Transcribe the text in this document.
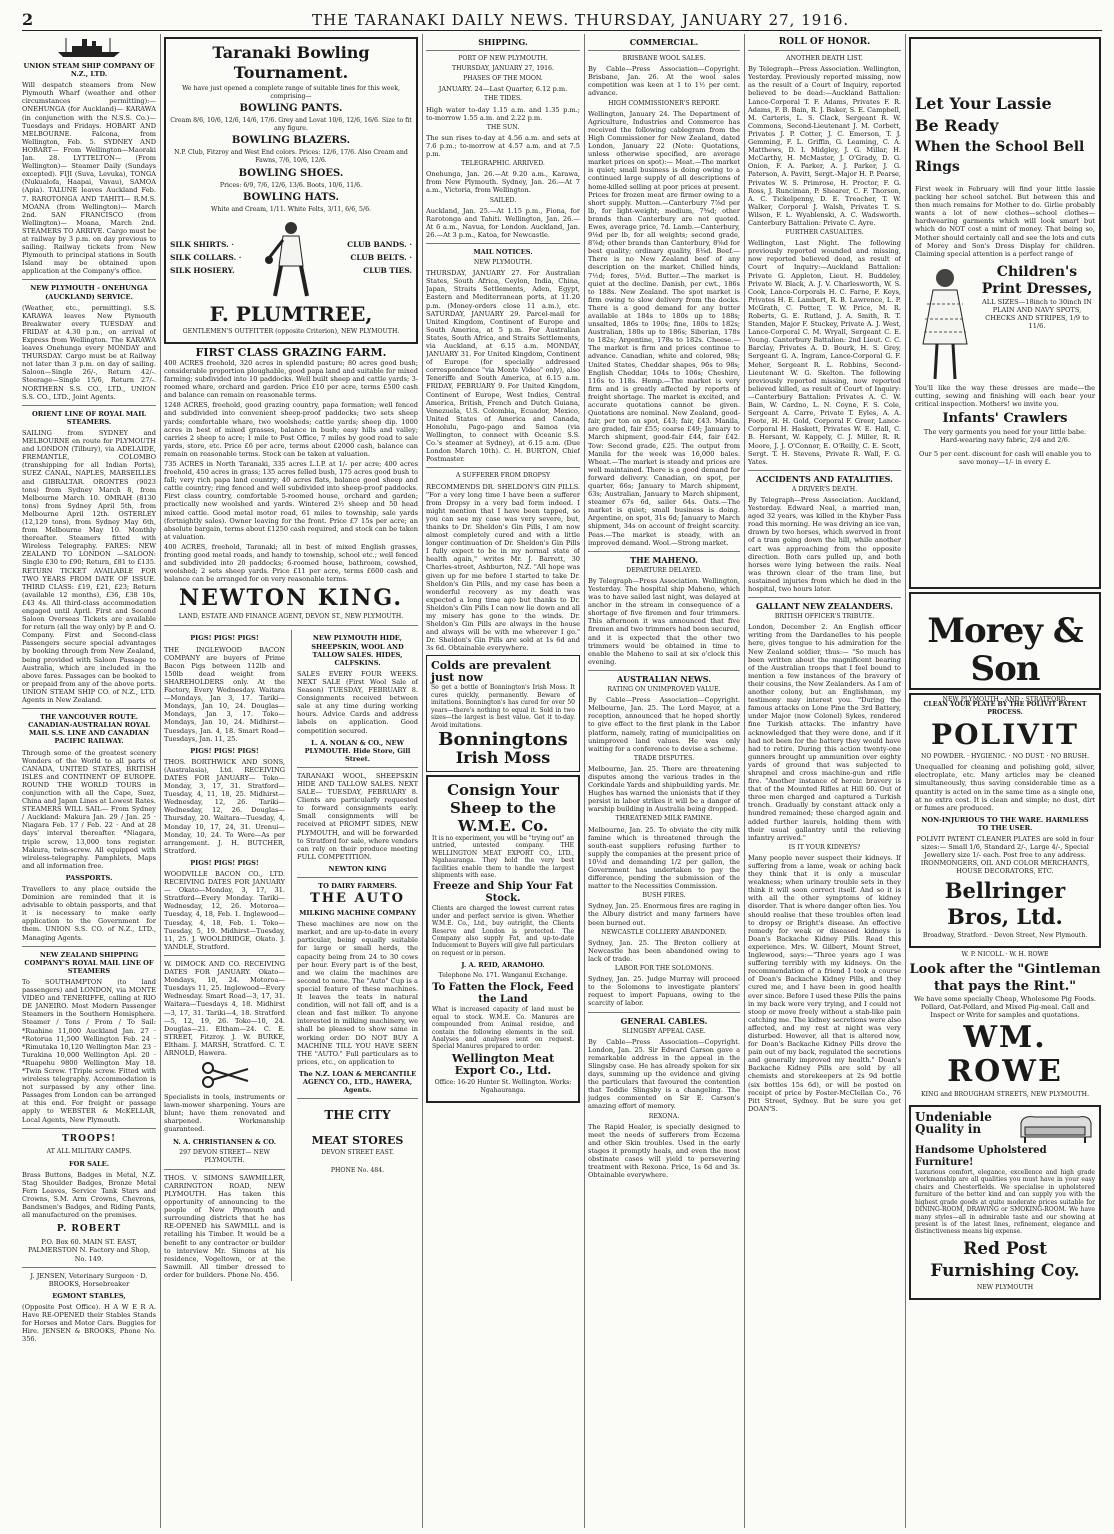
2	THE TARANAKI DAILY NEWS. THURSDAY, JANUARY 27, 1916.
UNION STEAM SHIP COMPANY OF N.Z., LTD.

Will despatch steamers from New Plymouth Wharf (weather and other circumstances permitting):— ONEHUNGA (for Auckland)— KARAWA (in conjunction with the N.S.S. Co.)—Tuesdays and Fridays. HOBART AND MELBOURNE. Falcona, from Wellington, Feb. 5. SYDNEY AND HOBART— From Wellington—Maoraki Jan. 28. LYTTELTON— (From Wellington)— Steamer Daily (Sundays excepted). FIJI (Suva, Levuka), TONGA (Nukualofa, Haapai, Vavau), SAMOA (Apia). TALUNE leaves Auckland Feb. 7. RAROTONGA AND TAHITI— R.M.S. MOANA (from Wellington)— March 2nd. SAN FRANCISCO (from Wellington)— Moana, March 2nd. STEAMERS TO ARRIVE. Cargo must be at railway by 3 p.m. on day previous to sailing. Railway tickets from New Plymouth to principal stations in South Island may be obtained upon application at the Company's office.

NEW PLYMOUTH - ONEHUNGA (AUCKLAND) SERVICE.

(Weather, etc., permitting). S.S. KARAWA leaves New Plymouth Breakwater every TUESDAY and FRIDAY at 4.30 p.m., on arrival of Express from Wellington. The KARAWA leaves Onehunga every MONDAY and THURSDAY. Cargo must be at Railway not later than 3 p.m. on day of sailing. Saloon—Single 26/-, Return 42/-. Steerage—Single 15/6, Return 27/-. NORTHERN S.S. CO., LTD., UNION S.S. CO., LTD., Joint Agents.

ORIENT LINE OF ROYAL MAIL STEAMERS.

SAILING from SYDNEY and MELBOURNE en route for PLYMOUTH and LONDON (Tilbury), via ADELAIDE, FREMANTLE, COLOMBO (transhipping for all Indian Ports), SUEZ CANAL, NAPLES, MARSEILLES and GIBRALTAR. ORONTES (9023 tons) from Sydney March 8, from Melbourne March 10. OMRAH (8130 tons) from Sydney April 5th, from Melbourne April 12th. OSTERLEY (12,129 tons), from Sydney May 6th, from Melbourne May 10. Monthly thereafter. Steamers fitted with Wireless Telegraphy. FARES: NEW ZEALAND TO LONDON —SALOON: Single £30 to £90; Return, £81 to £135. RETURN TICKET AVAILABLE FOR TWO YEARS FROM DATE OF ISSUE. THIRD CLASS: £19, £21, £23; Return (available 12 months), £36, £38 10s, £43 4s. All third-class accommodation engaged until April. First and Second Saloon Overseas Tickets are available for return (all the way only) by P. and O. Company. First and Second-class Passengers secure special advantages by booking through from New Zealand, being provided with Saloon Passage to Australia, which are included in the above fares. Passages can be booked to or prepaid from any of the above ports. UNION STEAM SHIP CO. of N.Z., LTD. Agents in New Zealand.

THE VANCOUVER ROUTE. CANADIAN-AUSTRALIAN ROYAL MAIL S.S. LINE AND CANADIAN PACIFIC RAILWAY.

Through some of the greatest scenery Wonders of the World to all parts of CANADA, UNITED STATES, BRITISH ISLES and CONTINENT OF EUROPE. ROUND THE WORLD TOURS in conjunction with all the Cape, Suez, China and Japan Lines at Lowest Rates. STEAMERS WILL SAIL— From Sydney / Auckland: Makura Jan. 29 / Jan. 25 · Niagara Feb. 17 / Feb. 22 · And at 28 days' interval thereafter. *Niagara, triple screw, 13,000 tons register. Makura, twin-screw. All equipped with wireless-telegraphy. Pamphlets, Maps and all information free.

PASSPORTS.

Travellers to any place outside the Dominion are reminded that it is advisable to obtain passports, and that it is necessary to make early application to the Government for them. UNION S.S. CO. of N.Z., LTD., Managing Agents.

NEW ZEALAND SHIPPING COMPANY'S ROYAL MAIL LINE OF STEAMERS

To SOUTHAMPTON (to land passengers) and LONDON, via MONTE VIDEO and TENERIFFE, calling at RIO DE JANEIRO. Most Modern Passenger Steamers in the Southern Hemisphere. Steamer / Tons / From / To Sail: *Ruahine 11,000 Auckland Jan. 27 · *Rotorua 11,500 Wellington Feb. 24 · *Rimutaka 10,120 Wellington Mar. 23 · Turakina 10,000 Wellington Apl. 20 · *Ruapehu 9800 Wellington May 18. *Twin Screw. †Triple screw. Fitted with wireless telegraphy. Accommodation is not surpassed by any other line. Passages from London can be arranged at this end. For freight or passage apply to WEBSTER & McKELLAR, Local Agents, New Plymouth.

TROOPS!
AT ALL MILITARY CAMPS.
FOR SALE.

Brass Buttons, Badges in Metal, N.Z. Stag Shoulder Badges, Bronze Metal Fern Leaves, Service Tank Stars and Crowns, S.M. Arm Crowns, Chevrons, Bandsmen's Badges, and Riding Pants, all manufactured on the premises.

P. ROBERT

P.O. Box 60. MAIN ST. EAST, PALMERSTON N. Factory and Shop, No. 149.

J. JENSEN, Veterinary Surgeon · D. BROOKS, Horsebreaker

EGMONT STABLES,

(Opposite Post Office). H A W E R A. Have RE-OPENED their Stables Stands for Horses and Motor Cars. Buggies for Hire. JENSEN & BROOKS, Phone No. 356.

Taranaki Bowling Tournament.
We have just opened a complete range of suitable lines for this week, comprising—
BOWLING PANTS.
Cream 8/6, 10/6, 12/6, 14/6, 17/6. Grey and Lovat 10/6, 12/6, 16/6. Size to fit any figure.
BOWLING BLAZERS.
N.P. Club, Fitzroy and West End colors. Prices: 12/6, 17/6. Also Cream and Fawns, 7/6, 10/6, 12/6.
BOWLING SHOES.
Prices: 6/9, 7/6, 12/6, 13/6. Boots, 10/6, 11/6.
BOWLING HATS.
White and Cream, 1/11. White Felts, 3/11, 6/6, 5/6.
SILK SHIRTS. · SILK COLLARS. · SILK HOSIERY.
CLUB BANDS. · CLUB BELTS. · CLUB TIES.
F. PLUMTREE,
GENTLEMEN'S OUTFITTER (opposite Criterion), NEW PLYMOUTH.
FIRST CLASS GRAZING FARM.

400 ACRES freehold, 320 acres in splendid pasture; 80 acres good bush; considerable proportion ploughable, good papa land and suitable for mixed farming; subdivided into 10 paddocks. Well built sheep and cattle yards; 3-roomed whare, orchard and garden. Price £10 per acre, terms £500 cash and balance can remain on reasonable terms.

1248 ACRES, freehold, good grazing country, papa formation; well fenced and subdivided into convenient sheep-proof paddocks; two sets sheep yards; comfortable whare, two woolsheds; cattle yards; sheep dip. 1000 acres in best of mixed grasses, balance in bush; easy hills and valley; carries 2 sheep to acre; 1 mile to Post Office, 7 miles by good road to sale yards, store, etc. Price £6 per acre, terms about £2000 cash, balance can remain on reasonable terms. Stock can be taken at valuation.

735 ACRES in North Taranaki, 335 acres L.I.P. at 1/- per acre; 400 acres freehold, 450 acres in grass; 135 acres felled bush, 175 acres good bush to fall; very rich papa land country; 40 acres flats, balance good sheep and cattle country; ring fenced and well subdivided into sheep-proof paddocks. First class country, comfortable 5-roomed house, orchard and garden; practically new woolshed and yards. Wintered 2½ sheep and 50 head mixed cattle. Good metal motor road, 61 miles to township, sale yards (fortnightly sales). Owner leaving for the front. Price £7 15s per acre; an absolute bargain, terms about £1250 cash required, and stock can be taken at valuation.

400 ACRES, freehold, Taranaki; all in best of mixed English grasses, fronting good metal roads, and handy to township, school etc.; well fenced and subdivided into 20 paddocks; 6-roomed house, bathroom, cowshed, woolshed; 2 sets sheep yards. Price £11 per acre, terms £600 cash and balance can be arranged for on very reasonable terms.

NEWTON KING.
LAND, ESTATE AND FINANCE AGENT, DEVON ST., NEW PLYMOUTH.
PIGS! PIGS! PIGS!

THE INGLEWOOD BACON COMPANY are buyers of Prime Bacon Pigs between 112lb and 150lb dead weight from SHAREHOLDERS only. At the Factory, Every Wednesday. Waitara—Mondays, Jan 3, 17. Tariki—Mondays, Jan 10, 24. Douglas—Mondays, Jan 3, 17. Toko—Mondays, Jan 10, 24. Midhirst—Tuesdays, Jan. 4, 18. Smart Road—Tuesdays, Jan. 11, 25.

PIGS! PIGS! PIGS!

THOS. BORTHWICK AND SONS, (Australasia), Ltd. RECEIVING DATES FOR JANUARY— Toko—Monday, 3, 17, 31. Stratford—Tuesday, 4, 11, 18, 25. Midhirst—Wednesday, 12, 26. Tariki—Wednesday, 12, 26. Douglas—Thursday, 20. Waitara—Tuesday, 4, Monday 10, 17, 24, 31. Urenui—Monday, 10, 24. To Were—As per arrangement. J. H. BUTCHER, Stratford.

PIGS! PIGS! PIGS!

WOODVILLE BACON CO., LTD. RECEIVING DATES FOR JANUARY— Okato—Monday, 3, 17, 31. Stratford—Every Monday. Tariki—Wednesday, 12, 26. Motoroa—Tuesday, 4, 18, Feb. 1. Inglewood—Tuesday, 4, 18, Feb. 1. Toko—Tuesday, 5, 19. Midhirst—Tuesday, 11, 25. J. WOOLDRIDGE, Okato. J. YANDLE, Stratford.

W. DIMOCK AND CO. RECEIVING DATES FOR JANUARY. Okato—Mondays, 10, 24. Motoroa—Tuesdays 11, 25. Inglewood—Every Wednesday. Smart Road—3, 17, 31. Waitara—Tuesdays 4, 18. Midhirst—3, 17, 31. Tariki—4, 18. Stratford—5, 12, 19, 26. Toko—10, 24. Douglas—21. Eltham—24. C. E. STREET, Fitzroy. J. W. BURKE, Eltham. J. MARSH, Stratford. C. T. ARNOLD, Hawera.

Specialists in tools, instruments or lawn-mower sharpening. Yours are blunt; have them renovated and sharpened. Workmanship guaranteed.

N. A. CHRISTIANSEN & CO.
297 DEVON STREET— NEW PLYMOUTH.

THOS. V. SIMONS SAWMILLER, CARRINGTON ROAD, NEW PLYMOUTH. Has taken this opportunity of announcing to the people of New Plymouth and surrounding districts that he has RE-OPENED his SAWMILL and is retailing his Timber. It would be a benefit to any contractor or builder to interview Mr. Simons at his residence, Vogeltown, or at the Sawmill. All timber dressed to order for builders. Phone No. 456.

NEW PLYMOUTH HIDE, SHEEPSKIN, WOOL AND TALLOW SALES. HIDES, CALFSKINS.

SALES EVERY FOUR WEEKS. NEXT SALE (First Wool Sale of Season) TUESDAY, FEBRUARY 8. Consignments received between sale at any time during working hours. Advice Cards and address labels on application. Good competition secured.

L. A. NOLAN & CO., NEW PLYMOUTH. Hide Store, Gill Street.

TARANAKI WOOL, SHEEPSKIN HIDE AND TALLOW SALES. NEXT SALE— TUESDAY, FEBRUARY 8. Clients are particularly requested to forward consignments early. Small consignments will be received at PROMPT SIDES, NEW PLYMOUTH, and will be forwarded to Stratford for sale, where vendors can rely on their produce meeting FULL COMPETITION.

NEWTON KING
TO DAIRY FARMERS.
THE AUTO
MILKING MACHINE COMPANY

These machines are now on the market, and are up-to-date in every particular, being equally suitable for large or small herds, the capacity being from 24 to 30 cows per hour. Every part is of the best, and we claim the machines are second to none. The "Auto" Cup is a special feature of these machines. It leaves the teats in natural condition, will not fall off, and is a clean and fast milker. To anyone interested in milking machinery, we shall be pleased to show same in working order. DO NOT BUY A MACHINE TILL YOU HAVE SEEN THE "AUTO." Full particulars as to prices, etc., on application to

The N.Z. LOAN & MERCANTILE AGENCY CO., LTD., HAWERA, Agents.
THE CITY
MEAT STORES
DEVON STREET EAST.
PHONE No. 484.
SHIPPING.
PORT OF NEW PLYMOUTH.
THURSDAY, JANUARY 27, 1916.
PHASES OF THE MOON.

JANUARY. 24—Last Quarter, 6.12 p.m.

THE TIDES.

High water to-day 1.15 a.m. and 1.35 p.m.; to-morrow 1.55 a.m. and 2.22 p.m.

THE SUN.

The sun rises to-day at 4.56 a.m. and sets at 7.6 p.m.; to-morrow at 4.57 a.m. and at 7.5 p.m.

TELEGRAPHIC. ARRIVED.

Onehunga, Jan. 26.—At 9.20 a.m., Karawa, from New Plymouth. Sydney, Jan. 26.—At 7 a.m., Victoria, from Wellington.

SAILED.

Auckland, Jan. 25.—At 1.15 p.m., Fiona, for Rarotonga and Tahiti. Wellington, Jan. 26.—At 6 a.m., Navua, for London. Auckland, Jan. 26.—At 3 p.m., Katoa, for Newcastle.

MAIL NOTICES.
NEW PLYMOUTH.

THURSDAY, JANUARY 27. For Australian States, South Africa, Ceylon, India, China, Japan, Straits Settlements, Aden, Egypt, Eastern and Mediterranean ports, at 11.20 p.m. (Money-orders close 11 a.m.), etc. SATURDAY, JANUARY 29. Parcel-mail for United Kingdom, Continent of Europe and South America, at 5 p.m. For Australian States, South Africa, and Straits Settlements, via Auckland, at 6.15 a.m. MONDAY, JANUARY 31. For United Kingdom, Continent of Europe (for specially addressed correspondence "via Monte Video" only), also Teneriffe and South America, at 6.15 a.m. FRIDAY, FEBRUARY 9. For United Kingdom, Continent of Europe, West Indies, Central America, British, French and Dutch Guiana, Venezuela, U.S. Colombia, Ecuador, Mexico, United States of America and Canada, Honolulu, Pago-pago and Samoa (via Wellington, to connect with Oceanic S.S. Co.'s steamer at Sydney), at 6.15 a.m. (Due London March 10th). C. H. BURTON, Chief Postmaster.

A SUFFERER FROM DROPSY

RECOMMENDS DR. SHELDON'S GIN PILLS. "For a very long time I have been a sufferer from Dropsy in a very bad form indeed. I might mention that I have been tapped, so you can see my case was very severe, but, thanks to Dr. Sheldon's Gin Pills, I am now almost completely cured and with a little longer continuation of Dr. Sheldon's Gin Pills I fully expect to be in my normal state of health again," writes Mr. J. Barrett, 30 Charles-street, Ashburton, N.Z. "All hope was given up for me before I started to take Dr. Sheldon's Gin Pills, and my case has been a wonderful recovery as my death was expected a long time ago but thanks to Dr. Sheldon's Gin Pills I can now lie down and all my misery has gone to the winds. Dr. Sheldon's Gin Pills are always in the house and always will be with me wherever I go." Dr. Sheldon's Gin Pills are sold at 1s 6d and 3s 6d. Obtainable everywhere.

Colds are prevalent just now

So get a bottle of Bonnington's Irish Moss. It cures quickly, permanently. Beware of imitations. Bonnington's has cured for over 50 years—there's nothing to equal it. Sold in two sizes—the largest is best value. Get it to-day. Avoid imitations.

Bonningtons
Irish Moss
Consign Your Sheep to the W.M.E. Co.

It is no experiment, you will be "trying out" an untried, untested company. THE WELLINGTON MEAT EXPORT CO., LTD., Ngahauranga. They hold the very best facilities enable them to handle the largest shipments with ease.

Freeze and Ship Your Fat Stock.

Clients are charged the lowest current rates under and perfect service is given. Whether W.M.E. Co., Ltd., buy outright, the Clients Reserve and London is protected. The Company also supply Fat, and up-to-date Inducement to Buyers will give full particulars on request or in person.

J. A. REID, ARAMOHO.
Telephone No. 171. Wanganui Exchange.
To Fatten the Flock, Feed the Land

What is increased capacity of land must be equal to stock. W.M.E. Co. Manures are compounded from Animal residue, and contain the following elements in the soil. Analyses and analyses sent on request. Special Manures prepared to order.

Wellington Meat Export Co., Ltd.
Office: 16-20 Hunter St. Wellington. Works: Ngahauranga.
COMMERCIAL.
BRISBANE WOOL SALES.

By Cable—Press Association—Copyright. Brisbane, Jan. 26. At the wool sales competition was keen at 1 to 1½ per cent. advance.

HIGH COMMISSIONER'S REPORT.

Wellington, January 24. The Department of Agriculture, Industries and Commerce has received the following cablegram from the High Commissioner for New Zealand, dated London, January 22 (Note: Quotations, unless otherwise specified, are average market prices on spot):— Meat.—The market is quiet; small business is doing owing to a continued large supply of all descriptions of home-killed selling at poor prices at present. Prices for frozen meat are firmer owing to a short supply. Mutton.—Canterbury 7⅞d per lb, for light-weight; medium, 7⅝d; other brands than Canterbury are not quoted. Ewes, average price, 7d. Lamb.—Canterbury, 9⅛d per lb, for all weights; second grade, 8⅞d; other brands than Canterbury, 8⅝d for best quality; ordinary quality, 8⅛d. Beef.—There is no New Zealand beef of any description on the market. Chilled hinds, 7½d; fores, 5½d. Butter.—The market is quiet at the decline. Danish, per cwt., 186s to 188s. New Zealand. The spot market is firm owing to slow delivery from the docks. There is a good demand for any butter available at 184s to 180s up to 188s; unsalted, 186s to 190s; fine, 180s to 182s; Australian, 180s up to 186s; Siberian, 178s to 182s; Argentine, 178s to 182s. Cheese.—The market is firm and prices continue to advance. Canadian, white and colored, 98s; United States, Cheddar shapes, 96s to 98s; English Cheddar, 104s to 106s; Cheshire, 116s to 118s. Hemp.—The market is very firm and is greatly affected by reports of freight shortage. The market is excited, and accurate quotations cannot be given. Quotations are nominal. New Zealand, good-fair, per ton on spot, £43; fair, £43. Manila, are graded, fair £55; coarse £49; January to March shipment, good-fair £44, fair £42. Tow: Second grade, £25. The output from Manila for the week was 16,000 bales. Wheat.—The market is steady and prices are well maintained. There is a good demand for forward delivery. Canadian, on spot, per quarter, 66s; January to March shipment, 63s; Australian, January to March shipment, steamer 67s 6d, sailer 64s. Oats.—The market is quiet; small business is doing. Argentine, on spot, 31s 6d; January to March shipment, 34s on account of freight scarcity. Peas.—The market is steady, with an improved demand. Wool.—Strong market.

THE MAHENO.
DEPARTURE DELAYED.

By Telegraph—Press Association. Wellington, Yesterday. The hospital ship Maheno, which was to have sailed last night, was delayed at anchor in the stream in consequence of a shortage of five firemen and four trimmers. This afternoon it was announced that five firemen and two trimmers had been secured, and it is expected that the other two trimmers would be obtained in time to enable the Maheno to sail at six o'clock this evening.

AUSTRALIAN NEWS.
RATING ON UNIMPROVED VALUE.

By Cable—Press Association—Copyright. Melbourne, Jan. 25. The Lord Mayor, at a reception, announced that he hoped shortly to give effect to the first plank in the Labor platform, namely, rating of municipalities on unimproved land values. He was only waiting for a conference to devise a scheme.

TRADE DISPUTES.

Melbourne, Jan. 25. There are threatening disputes among the various trades in the Corkindale Yards and shipbuilding yards. Mr. Hughes has warned the unionists that if they persist in labor strikes it will be a danger of warship building in Australia being dropped.

THREATENED MILK FAMINE.

Melbourne, Jan. 25. To obviate the city milk famine which is threatened through the south-east suppliers refusing further to supply the companies at the present price of 10½d and demanding 1/2 per gallon, the Government has undertaken to pay the difference, pending the submission of the matter to the Necessities Commission.

BUSH FIRES.

Sydney, Jan. 25. Enormous fires are raging in the Albury district and many farmers have been burned out.

NEWCASTLE COLLIERY ABANDONED.

Sydney, Jan. 25. The Breton colliery at Newcastle has been abandoned owing to lack of trade.

LABOR FOR THE SOLOMONS.

Sydney, Jan. 25. Judge Murray will proceed to the Solomons to investigate planters' request to import Papuans, owing to the scarcity of labor.

GENERAL CABLES.
SLINGSBY APPEAL CASE.

By Cable—Press Association—Copyright. London, Jan. 25. Sir Edward Carson gave a remarkable address in the appeal in the Slingsby case. He has already spoken for six days, summing up the evidence and giving the particulars that favoured the contention that Teddie Slingsby is a changeling. The judges commented on Sir E. Carson's amazing effort of memory.

REXONA.

The Rapid Healer, is specially designed to meet the needs of sufferers from Eczema and other Skin troubles. Used in the early stages it promptly heals, and even the most obstinate cases will yield to persevering treatment with Rexona. Price, 1s 6d and 3s. Obtainable everywhere.

ROLL OF HONOR.
ANOTHER DEATH LIST.

By Telegraph—Press Association. Wellington, Yesterday. Previously reported missing, now as the result of a Court of Inquiry, reported believed to be dead:—Auckland Battalion: Lance-Corporal T. F. Adams, Privates F. R. Adams, F. B. Bain, R. J. Baker, S. E. Campbell, M. Carteris, L. S. Clack, Sergeant R. W. Commons, Second-Lieutenant J. M. Corbett, Privates J. P. Cotter, J. C. Emerson, T. J. Gemming, F. L. Griffin, G. Leaming, C. A. Matthews, D. I. Midgley, J. G. Millar, H. McCarthy, H. McMaster, J. O'Grady, D. G. Onion, F. A. Parker, A. J. Parker, J. G. Paterson, A. Pavitt, Sergt.-Major H. P. Pearse, Privates W. S. Primrose, H. Proctor, F. G. Ross, J. Runciman, P. Shearer, C. F. Thorson, A. C. Tickelpenny, D. E. Treacher, T. W. Walker, Corporal J. Walsh, Privates T. S. Wilson, F. L. Wyablenski, A. C. Wadsworth. Canterbury Battalion: Private C. Ayre.

FURTHER CASUALTIES.

Wellington, Last Night. The following previously reported wounded and missing, now reported believed dead, as result of Court of Inquiry:—Auckland Battalion: Private G. Appleton, Lieut. H. Buddeley, Private W. Black, A. J. V. Charlesworth, W. S. Cook, Lance-Corporals H. C. Farne, F. Keys, Privates H. E. Lambert, R. B. Lawrence, L. P. McGrath, C. Potter, T. W. Price, M. R. Roberts, G. E. Rutland, J. A. Smith, R. T. Standen, Major F. Stuckey, Private A. J. West, Lance-Corporal C. M. Wryall, Sergeant C. E. Young. Canterbury Battalion: 2nd Lieut. C. C. Barclay, Privates A. D. Bourk, H. S. Grey, Sergeant G. A. Ingram, Lance-Corporal G. F. Meher, Sergeant R. L. Robbins, Second-Lieutenant W. G. Skelton. The following previously reported missing, now reported believed killed, as result of Court of Inquiry:—Canterbury Battalion: Privates A. C. W. Bain, W. Cardno, L. N. Coyne, F. S. Cole, Sergeant A. Carre, Private T. Eyles, A. A. Foote, H. H. Gold, Corporal F. Greer, Lance-Corporal H. Haskett, Privates W. E. Hall, C. B. Hersant, W. Kappely, C. J. Miller, R. R. Moore, J. J. O'Connor, E. O'Reilly, C. E. Scott, Sergt. T. H. Stevens, Private R. Wall, F. G. Yates.

ACCIDENTS AND FATALITIES.
A DRIVER'S DEATH.

By Telegraph—Press Association. Auckland, Yesterday. Edward Neal, a married man, aged 32 years, was killed in the Khyber Pass road this morning. He was driving an ice van, drawn by two horses, which swerved in front of a tram going down the hill, while another cart was approaching from the opposite direction. Both cars pulled up, and both horses were lying between the rails. Neal was thrown clear of the tram line, but sustained injuries from which he died in the hospital, two hours later.

GALLANT NEW ZEALANDERS.
BRITISH OFFICER'S TRIBUTE.

London, December 2. An English officer writing from the Dardanelles to his people here, gives tongue to his admiration for the New Zealand soldier, thus:— "So much has been written about the magnificent bearing of the Australian troops that I feel bound to mention a few instances of the bravery of their cousins, the New Zealanders. As I am of another colony, but an Englishman, my testimony may interest you. "During the famous attacks on Lone Pine the 3rd Battery, under Major (now Colonel) Sykes, rendered fine Turkish attacks. The infantry have acknowledged that they were done, and if it had not been for the battery they would have had to retire. During this action twenty-one gunners brought up ammunition over eighty yards of ground that was subjected to shrapnel and cross machine-gun and rifle fire. "Another instance of heroic bravery is that of the Mounted Rifles at Hill 60. Out of three men charged and captured a Turkish trench. Gradually by constant attack only a hundred remained; these charged again and added further laurels, holding them with their usual gallantry until the relieving infantry arrived."

IS IT YOUR KIDNEYS?

Many people never suspect their kidneys. If suffering from a lame, weak or aching back they think that it is only a muscular weakness; when urinary trouble sets in they think it will soon correct itself. And so it is with all the other symptoms of kidney disorder. That is where danger often lies. You should realise that these troubles often lead to dropsy or Bright's disease. An effective remedy for weak or diseased kidneys is Doan's Backache Kidney Pills. Read this experience. Mrs. W. Gilbert, Mount Street, Inglewood, says:—"Three years ago I was suffering terribly with my kidneys. On the recommendation of a friend I took a course of Doan's Backache Kidney Pills, and they cured me, and I have been in good health ever since. Before I used these Pills the pains in my back were very trying, and I could not stoop or move freely without a stab-like pain catching me. The kidney secretions were also affected, and my rest at night was very disturbed. However, all that is altered now, for Doan's Backache Kidney Pills drove the pain out of my back, regulated the secretions and generally improved my health." Doan's Backache Kidney Pills are sold by all chemists and storekeepers at 2s 9d bottle (six bottles 15s 6d), or will be posted on receipt of price by Foster-McClellan Co., 76 Pitt Street, Sydney. But be sure you get DOAN'S.

Let Your Lassie
Be Ready
When the School Bell Rings

First week in February will find your little lassie packing her school satchel. But between this and then much remains for Mother to do. Girlie probably wants a lot of new clothes—school clothes—hardwearing garments which will look smart but which do NOT cost a mint of money. That being so, Mother should certainly call and see the lots and cuts of Morey and Son's Dress Display for children. Claiming special attention is a perfect range of

Children's Print Dresses,

ALL SIZES—18inch to 30inch IN PLAIN AND NAVY SPOTS, CHECKS AND STRIPES, 1/9 to 11/6.

You'll like the way these dresses are made—the cutting, sewing and finishing will each bear your critical inspection. Mothers! we invite you.

Infants' Crawlers

The very garments you need for your little babe. Hard-wearing navy fabric, 2/4 and 2/6.

Our 5 per cent. discount for cash will enable you to save money—1/- in every £.

Morey & Son
NEW PLYMOUTH · AND · STRATFORD.
CLEAN YOUR PLATE BY THE POLIVIT PATENT PROCESS.
POLIVIT
NO POWDER. · HYGIENIC. · NO DUST. · NO BRUSH.

Unequalled for cleaning and polishing gold, silver, electroplate, etc. Many articles may be cleaned simultaneously, thus saving considerable time as a quantity is acted on in the same time as a single one, at no extra cost. It is clean and simple; no dust, dirt or fumes are produced.

NON-INJURIOUS TO THE WARE. HARMLESS TO THE USER.

POLIVIT PATENT CLEANER PLATES are sold in four sizes:— Small 1/6, Standard 2/-, Large 4/-, Special Jewellery size 1/- each. Post free to any address. IRONMONGERS, OIL AND COLOR MERCHANTS, HOUSE DECORATORS, ETC.

Bellringer Bros, Ltd.
Broadway, Stratford. · Devon Street, New Plymouth.
W. P. NICOLL · W. H. ROWE
Look after the "Gintleman that pays the Rint."

We have some specially Cheap, Wholesome Pig Foods. Pollard, Oat-Pollard, and Mixed Pig-meal. Call and Inspect or Write for samples and quotations.

WM. ROWE
KING and BROUGHAM STREETS, NEW PLYMOUTH.
Undeniable
Quality in
Handsome Upholstered Furniture!

Luxurious comfort, elegance, excellence and high grade workmanship are all qualities you must have in your easy chairs and Chesterfields. We specialise in upholstered furniture of the better kind and can supply you with the highest grade goods at quite moderate prices suitable for DINING-ROOM, DRAWING or SMOKING-ROOM. We have many styles—all in admirable taste and our showing at present is of the latest lines, refinement, elegance and distinctiveness means big expense.

Red Post Furnishing Coy.
NEW PLYMOUTH
